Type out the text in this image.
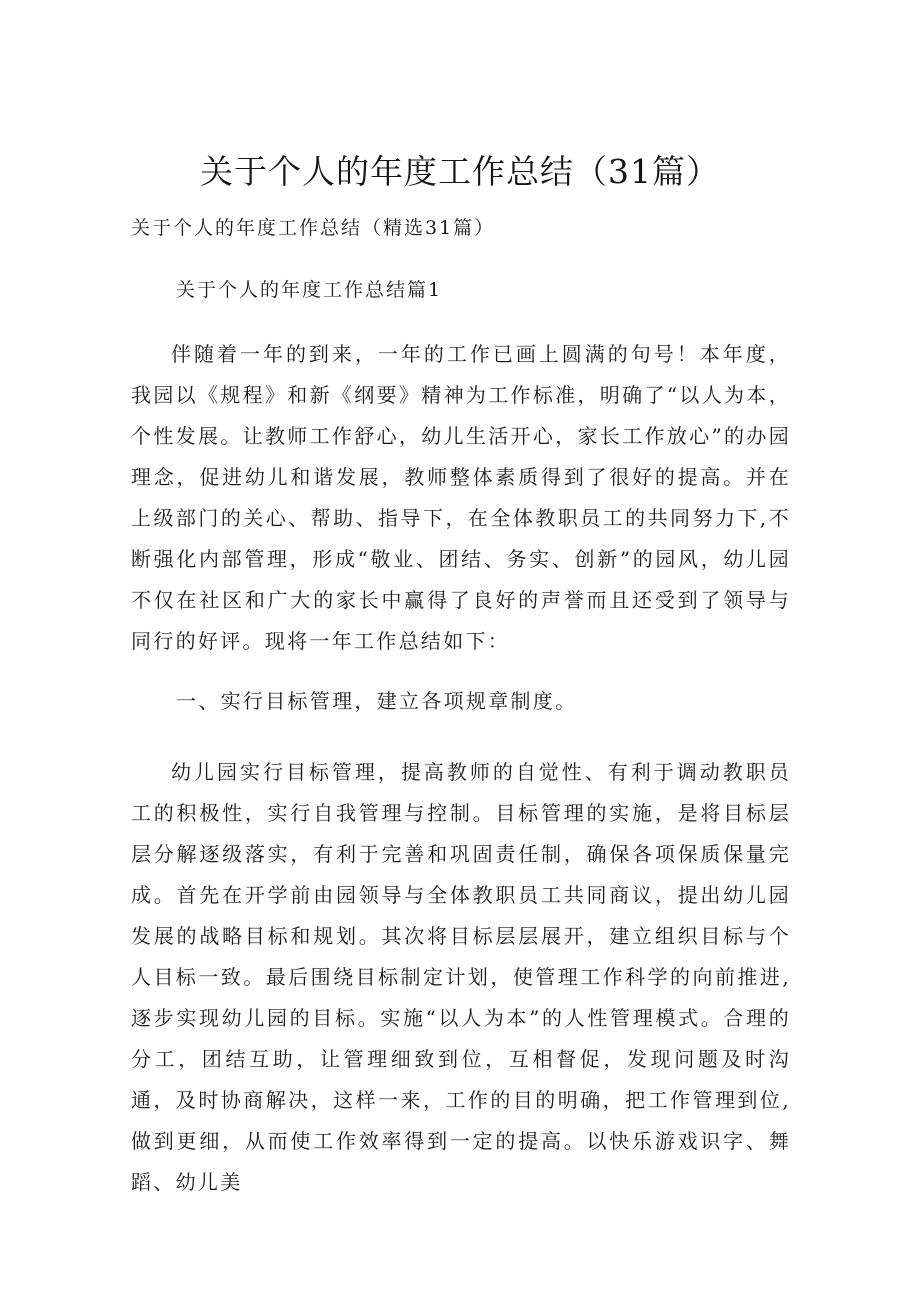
关于个人的年度工作总结（31篇）
关于个人的年度工作总结（精选31篇）
关于个人的年度工作总结篇1

伴随着一年的到来，一年的工作已画上圆满的句号！本年度，我园以《规程》和新《纲要》精神为工作标准，明确了“以人为本，个性发展。让教师工作舒心，幼儿生活开心，家长工作放心”的办园理念，促进幼儿和谐发展，教师整体素质得到了很好的提高。并在上级部门的关心、帮助、指导下，在全体教职员工的共同努力下,不断强化内部管理，形成“敬业、团结、务实、创新”的园风，幼儿园不仅在社区和广大的家长中赢得了良好的声誉而且还受到了领导与同行的好评。现将一年工作总结如下：

一、实行目标管理，建立各项规章制度。

幼儿园实行目标管理，提高教师的自觉性、有利于调动教职员工的积极性，实行自我管理与控制。目标管理的实施，是将目标层层分解逐级落实，有利于完善和巩固责任制，确保各项保质保量完成。首先在开学前由园领导与全体教职员工共同商议，提出幼儿园发展的战略目标和规划。其次将目标层层展开，建立组织目标与个人目标一致。最后围绕目标制定计划，使管理工作科学的向前推进,逐步实现幼儿园的目标。实施“以人为本”的人性管理模式。合理的分工，团结互助，让管理细致到位，互相督促，发现问题及时沟通，及时协商解决，这样一来，工作的目的明确，把工作管理到位,做到更细，从而使工作效率得到一定的提高。以快乐游戏识字、舞蹈、幼儿美
